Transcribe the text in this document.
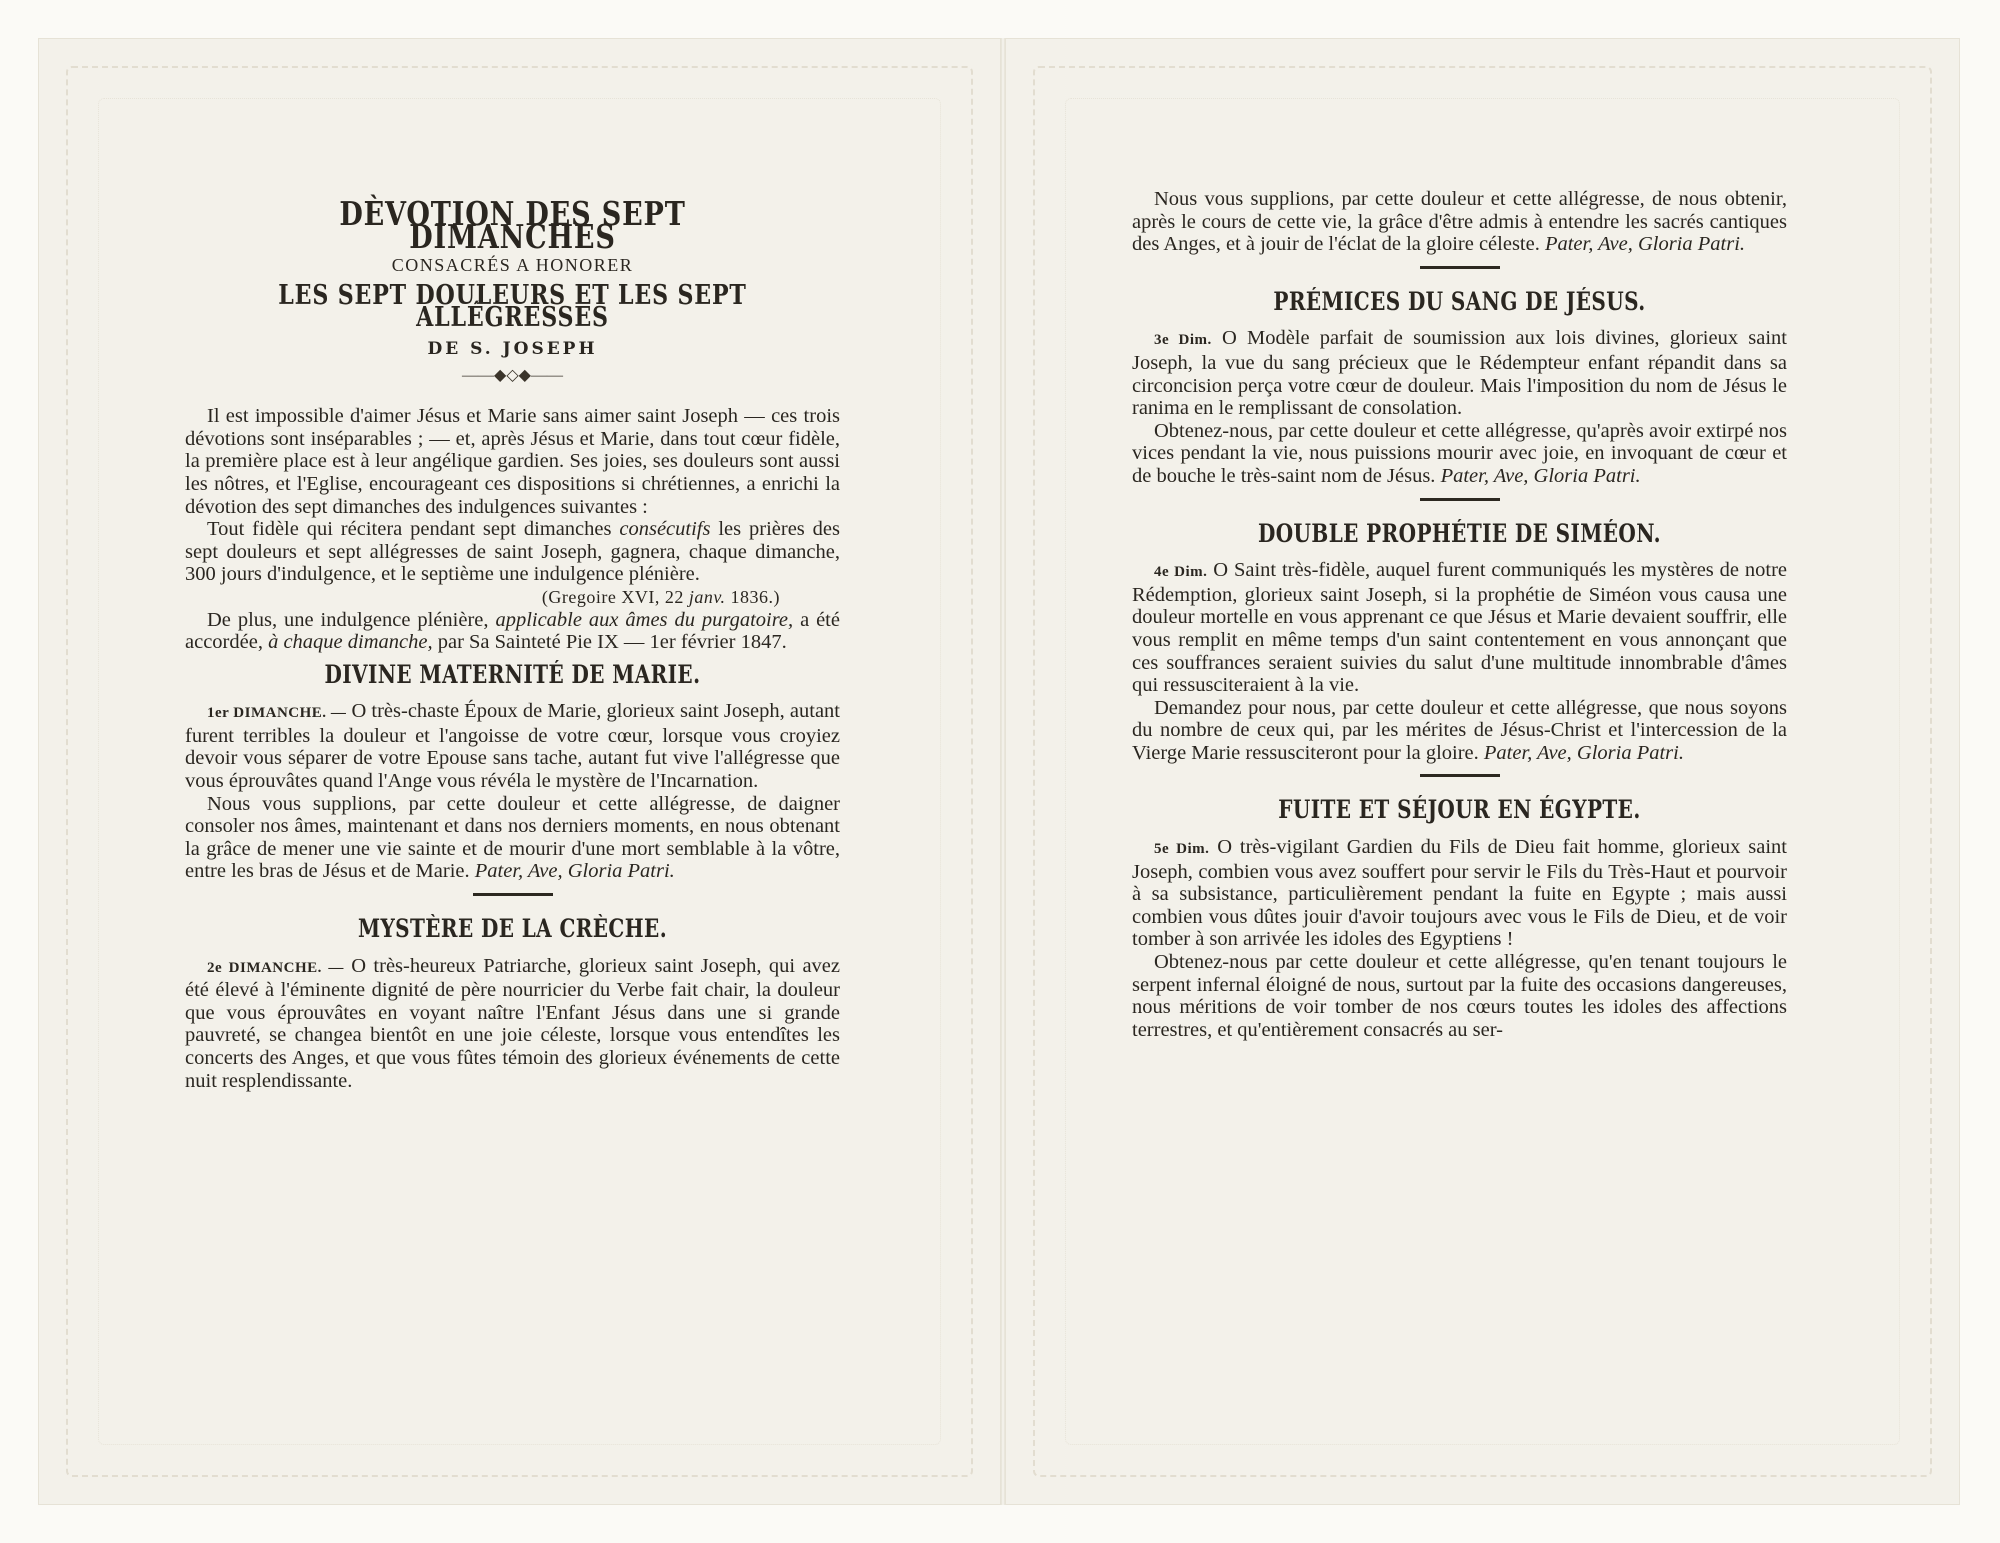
DÈVOTION DES SEPT DIMANCHES
CONSACRÉS A HONORER
LES SEPT DOULEURS ET LES SEPT ALLÉGRESSES
DE S. JOSEPH
——◆◇◆——

Il est impossible d'aimer Jésus et Marie sans aimer saint Joseph — ces trois dévotions sont inséparables ; — et, après Jésus et Marie, dans tout cœur fidèle, la première place est à leur angélique gardien. Ses joies, ses douleurs sont aussi les nôtres, et l'Eglise, encourageant ces dispositions si chrétiennes, a enrichi la dévotion des sept dimanches des indulgences suivantes :

Tout fidèle qui récitera pendant sept dimanches consécutifs les prières des sept douleurs et sept allégresses de saint Joseph, gagnera, chaque dimanche, 300 jours d'indulgence, et le septième une indulgence plénière.

(Gregoire XVI, 22 janv. 1836.)

De plus, une indulgence plénière, applicable aux âmes du purgatoire, a été accordée, à chaque dimanche, par Sa Sainteté Pie IX — 1er février 1847.

DIVINE MATERNITÉ DE MARIE.

1er DIMANCHE. — O très-chaste Époux de Marie, glorieux saint Joseph, autant furent terribles la douleur et l'angoisse de votre cœur, lorsque vous croyiez devoir vous séparer de votre Epouse sans tache, autant fut vive l'allégresse que vous éprouvâtes quand l'Ange vous révéla le mystère de l'Incarnation.

Nous vous supplions, par cette douleur et cette allégresse, de daigner consoler nos âmes, maintenant et dans nos derniers moments, en nous obtenant la grâce de mener une vie sainte et de mourir d'une mort semblable à la vôtre, entre les bras de Jésus et de Marie. Pater, Ave, Gloria Patri.

MYSTÈRE DE LA CRÈCHE.

2e DIMANCHE. — O très-heureux Patriarche, glorieux saint Joseph, qui avez été élevé à l'éminente dignité de père nourricier du Verbe fait chair, la douleur que vous éprouvâtes en voyant naître l'Enfant Jésus dans une si grande pauvreté, se changea bientôt en une joie céleste, lorsque vous entendîtes les concerts des Anges, et que vous fûtes témoin des glorieux événements de cette nuit resplendissante.

Nous vous supplions, par cette douleur et cette allégresse, de nous obtenir, après le cours de cette vie, la grâce d'être admis à entendre les sacrés cantiques des Anges, et à jouir de l'éclat de la gloire céleste. Pater, Ave, Gloria Patri.

PRÉMICES DU SANG DE JÉSUS.

3e Dim. O Modèle parfait de soumission aux lois divines, glorieux saint Joseph, la vue du sang précieux que le Rédempteur enfant répandit dans sa circoncision perça votre cœur de douleur. Mais l'imposition du nom de Jésus le ranima en le remplissant de consolation.

Obtenez-nous, par cette douleur et cette allégresse, qu'après avoir extirpé nos vices pendant la vie, nous puissions mourir avec joie, en invoquant de cœur et de bouche le très-saint nom de Jésus. Pater, Ave, Gloria Patri.

DOUBLE PROPHÉTIE DE SIMÉON.

4e Dim. O Saint très-fidèle, auquel furent communiqués les mystères de notre Rédemption, glorieux saint Joseph, si la prophétie de Siméon vous causa une douleur mortelle en vous apprenant ce que Jésus et Marie devaient souffrir, elle vous remplit en même temps d'un saint contentement en vous annonçant que ces souffrances seraient suivies du salut d'une multitude innombrable d'âmes qui ressusciteraient à la vie.

Demandez pour nous, par cette douleur et cette allégresse, que nous soyons du nombre de ceux qui, par les mérites de Jésus-Christ et l'intercession de la Vierge Marie ressusciteront pour la gloire. Pater, Ave, Gloria Patri.

FUITE ET SÉJOUR EN ÉGYPTE.

5e Dim. O très-vigilant Gardien du Fils de Dieu fait homme, glorieux saint Joseph, combien vous avez souffert pour servir le Fils du Très-Haut et pourvoir à sa subsistance, particulièrement pendant la fuite en Egypte ; mais aussi combien vous dûtes jouir d'avoir toujours avec vous le Fils de Dieu, et de voir tomber à son arrivée les idoles des Egyptiens !

Obtenez-nous par cette douleur et cette allégresse, qu'en tenant toujours le serpent infernal éloigné de nous, surtout par la fuite des occasions dangereuses, nous méritions de voir tomber de nos cœurs toutes les idoles des affections terrestres, et qu'entièrement consacrés au ser-
